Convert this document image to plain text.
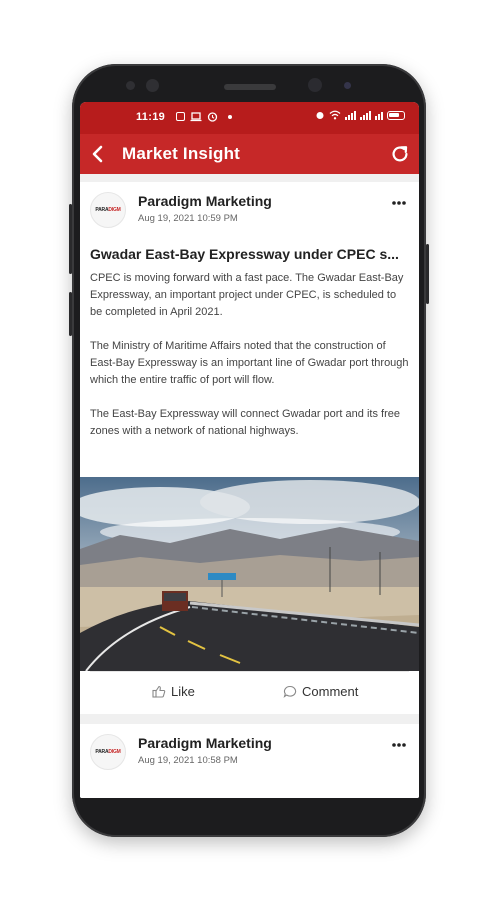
11:19
Market Insight
PARADIGM
Paradigm Marketing
Aug 19, 2021 10:59 PM
Gwadar East-Bay Expressway under CPEC s...

CPEC is moving forward with a fast pace. The Gwadar East-Bay Expressway, an important project under CPEC, is scheduled to be completed in April 2021.

The Ministry of Maritime Affairs noted that the construction of East-Bay Expressway is an important line of Gwadar port through which the entire traffic of port will flow.

The East-Bay Expressway will connect Gwadar port and its free zones with a network of national highways.

Like	Comment
PARADIGM
Paradigm Marketing
Aug 19, 2021 10:58 PM
